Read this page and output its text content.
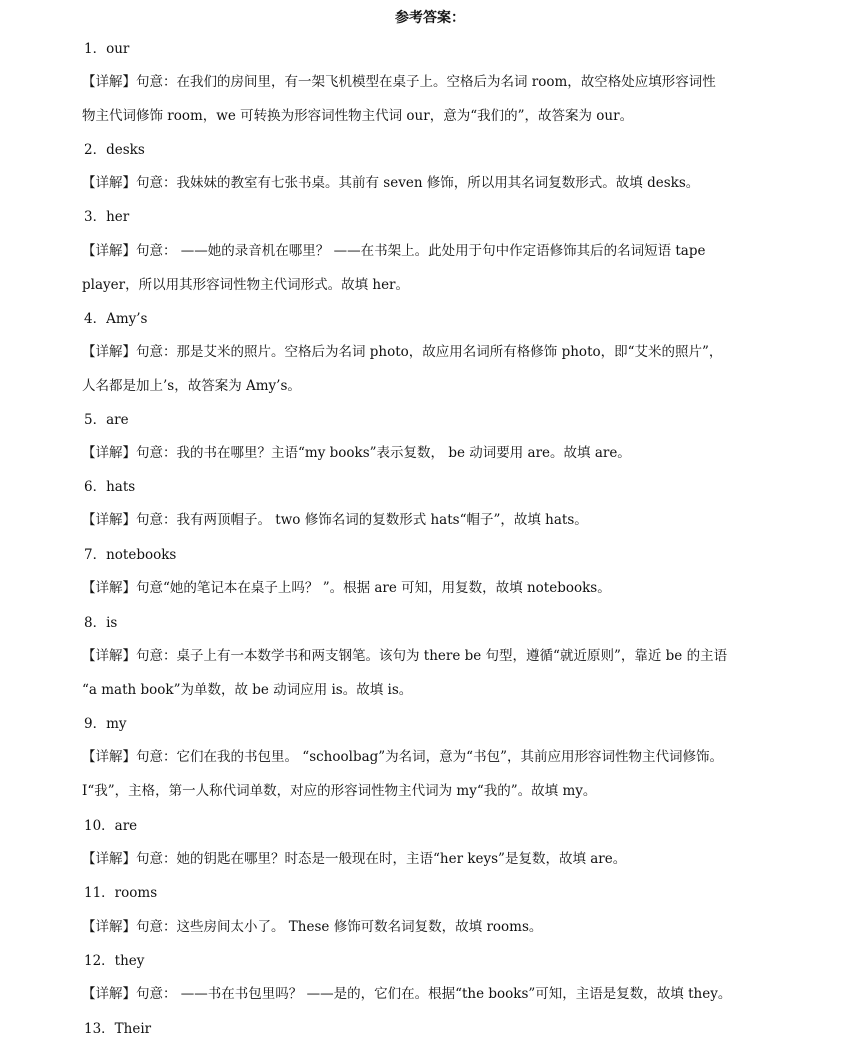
参考答案：
1．our
【详解】句意：在我们的房间里，有一架飞机模型在桌子上。空格后为名词 room，故空格处应填形容词性
物主代词修饰 room，we 可转换为形容词性物主代词 our，意为“我们的”，故答案为 our。
2．desks
【详解】句意：我妹妹的教室有七张书桌。其前有 seven 修饰，所以用其名词复数形式。故填 desks。
3．her
【详解】句意： ——她的录音机在哪里？ ——在书架上。此处用于句中作定语修饰其后的名词短语 tape
player，所以用其形容词性物主代词形式。故填 her。
4．Amy’s
【详解】句意：那是艾米的照片。空格后为名词 photo，故应用名词所有格修饰 photo，即“艾米的照片”，
人名都是加上’s，故答案为 Amy’s。
5．are
【详解】句意：我的书在哪里？主语“my books”表示复数， be 动词要用 are。故填 are。
6．hats
【详解】句意：我有两顶帽子。 two 修饰名词的复数形式 hats“帽子”，故填 hats。
7．notebooks
【详解】句意“她的笔记本在桌子上吗？ ”。根据 are 可知，用复数，故填 notebooks。
8．is
【详解】句意：桌子上有一本数学书和两支钢笔。该句为 there be 句型，遵循“就近原则”，靠近 be 的主语
“a math book”为单数，故 be 动词应用 is。故填 is。
9．my
【详解】句意：它们在我的书包里。 “schoolbag”为名词，意为“书包”，其前应用形容词性物主代词修饰。
I“我”，主格，第一人称代词单数，对应的形容词性物主代词为 my“我的”。故填 my。
10．are
【详解】句意：她的钥匙在哪里？时态是一般现在时，主语“her keys”是复数，故填 are。
11．rooms
【详解】句意：这些房间太小了。 These 修饰可数名词复数，故填 rooms。
12．they
【详解】句意： ——书在书包里吗？ ——是的，它们在。根据“the books”可知，主语是复数，故填 they。
13．Their
